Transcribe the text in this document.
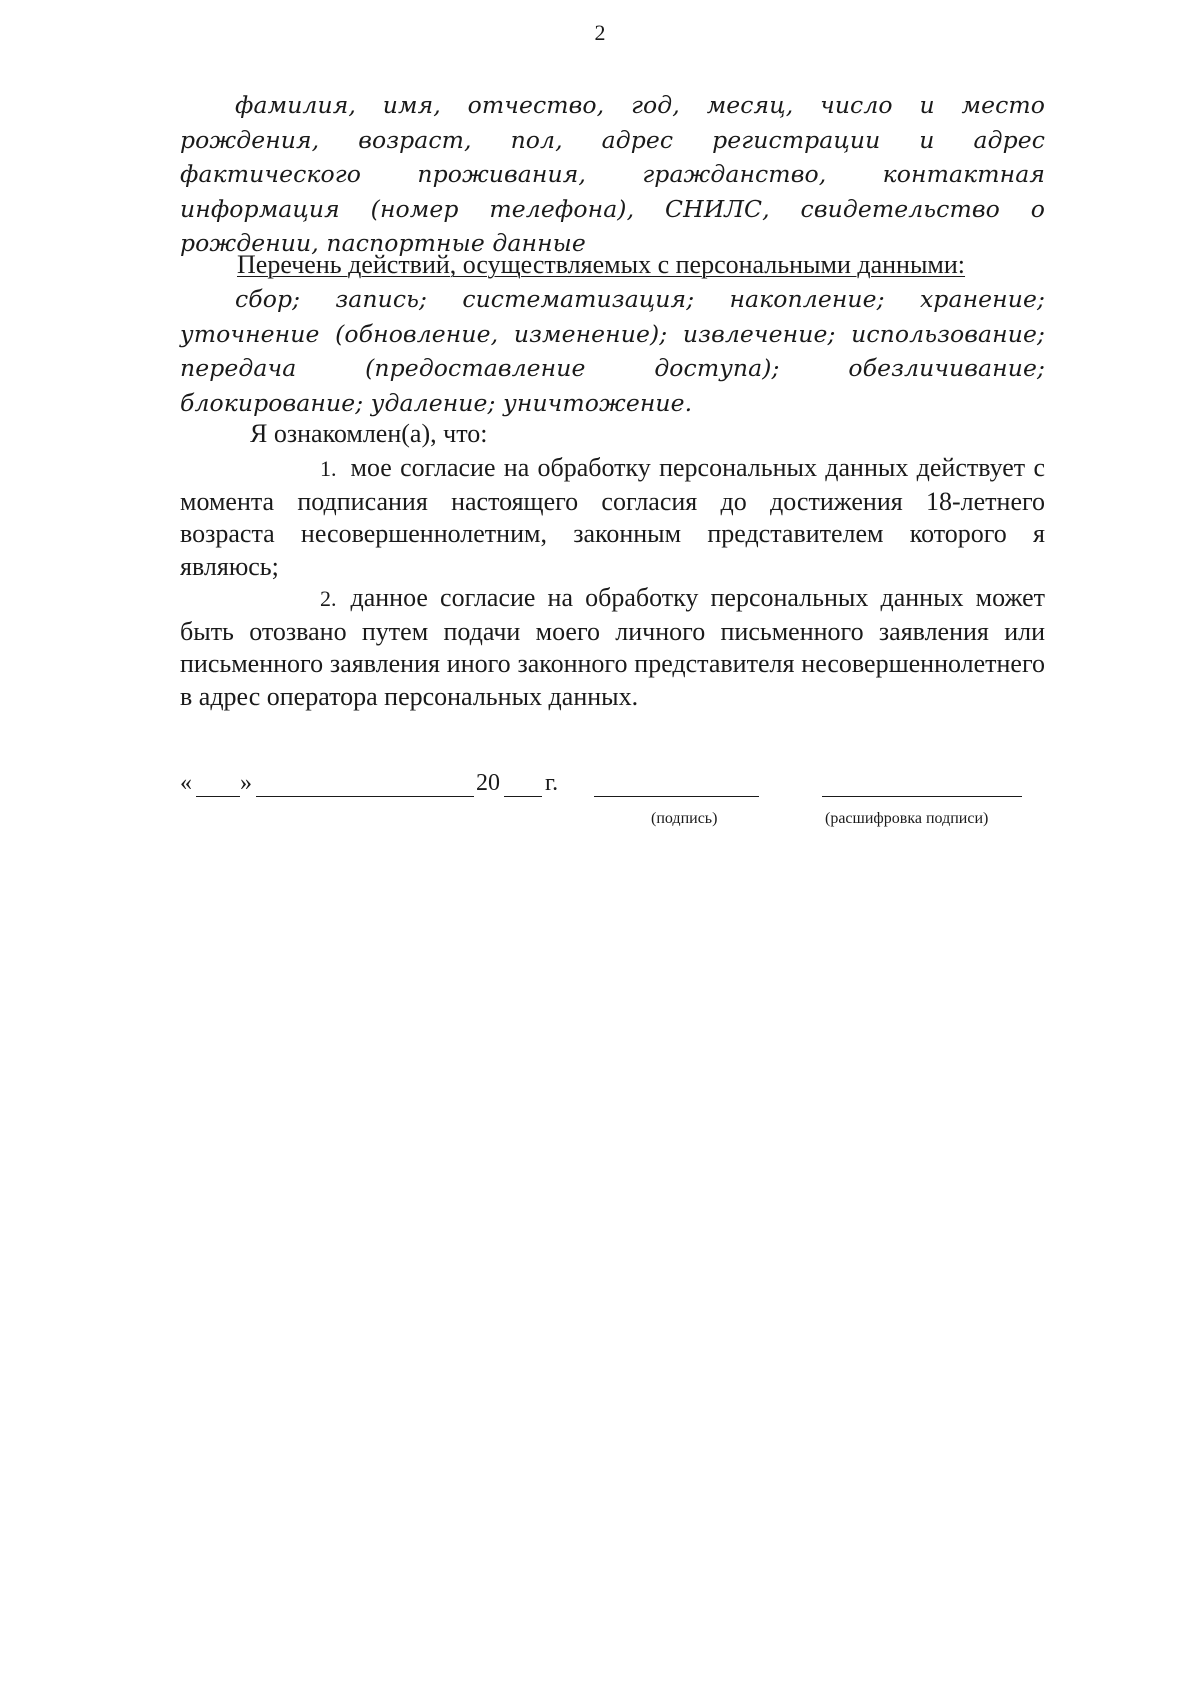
2

фамилия, имя, отчество, год, месяц, число и место рождения, возраст, пол, адрес регистрации и адрес фактического проживания, гражданство, контактная информация (номер телефона), СНИЛС, свидетельство о рождении, паспортные данные

Перечень действий, осуществляемых с персональными данными:

сбор; запись; систематизация; накопление; хранение; уточнение (обновление, изменение); извлечение; использование; передача (предоставление доступа); обезличивание; блокирование; удаление; уничтожение.

Я ознакомлен(а), что:

1. мое согласие на обработку персональных данных действует с момента подписания настоящего согласия до достижения 18-летнего возраста несовершеннолетним, законным представителем которого я являюсь;

2. данное согласие на обработку персональных данных может быть отозвано путем подачи моего личного письменного заявления или письменного заявления иного законного представителя несовершеннолетнего в адрес оператора персональных данных.

« »	20 г.
(подпись)	(расшифровка подписи)
